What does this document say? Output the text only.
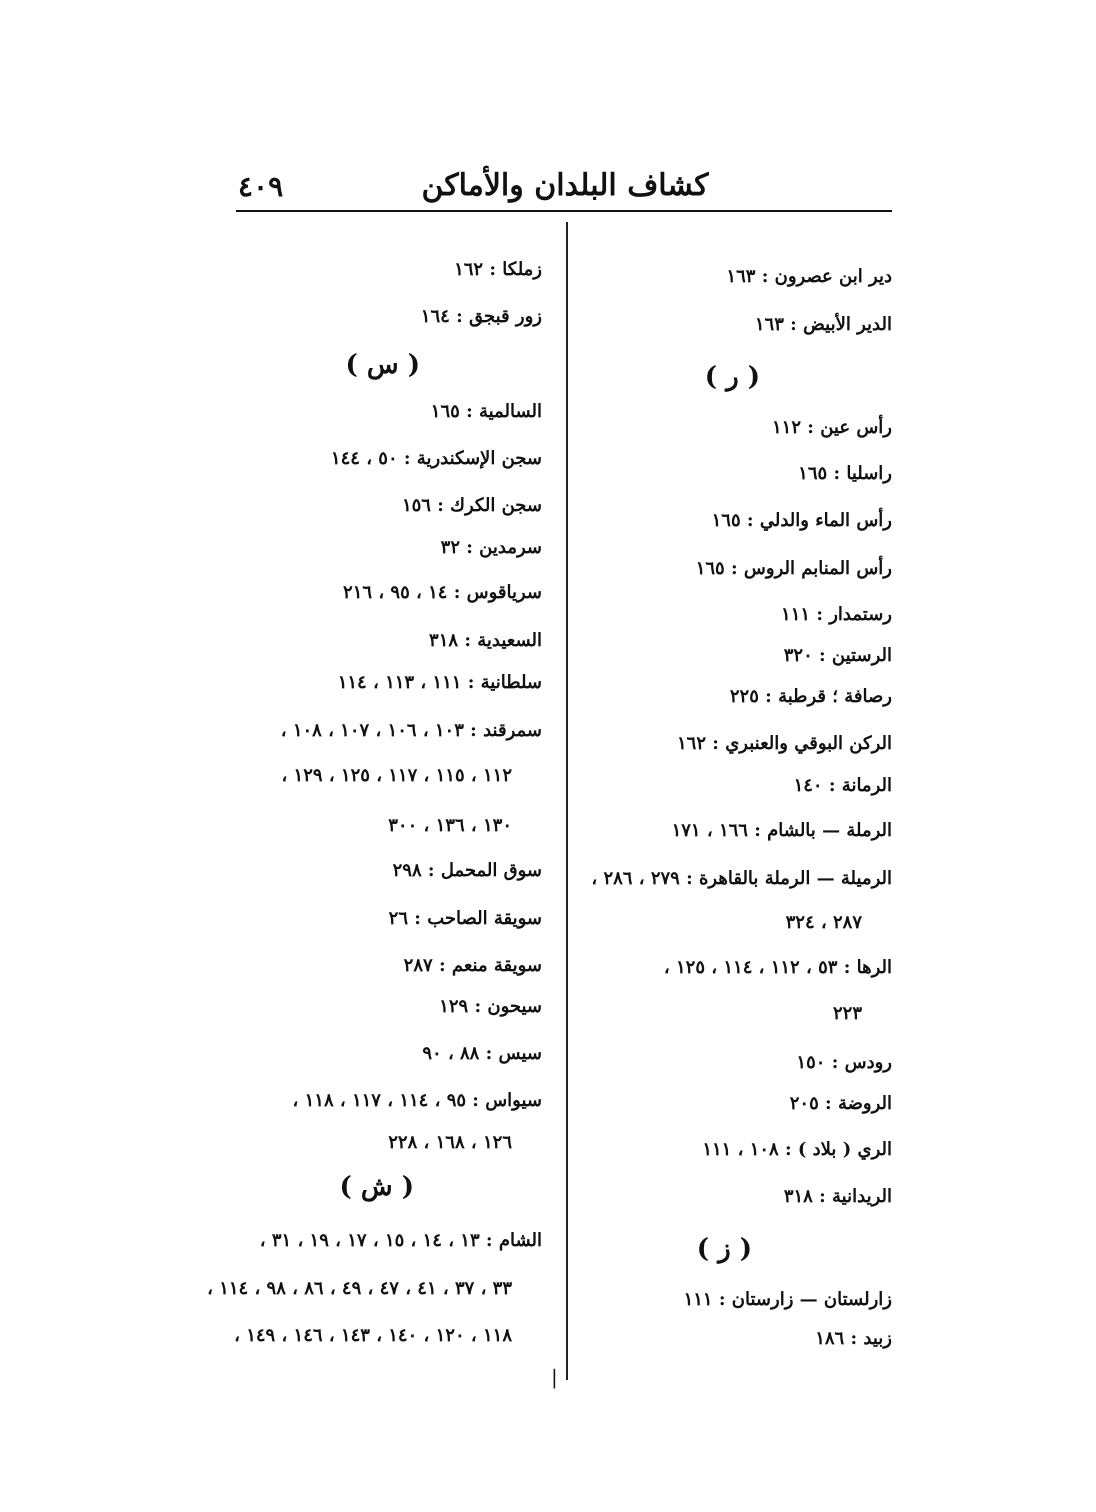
كشاف البلدان والأماكن
٤٠٩
دير ابن عصرون : ١٦٣
الدير الأبيض : ١٦٣
( ر )
رأس عين : ١١٢
راسليا : ١٦٥
رأس الماء والدلي : ١٦٥
رأس المنابم الروس : ١٦٥
رستمدار : ١١١
الرستين : ٣٢٠
رصافة ؛ قرطبة : ٢٢٥
الركن البوقي والعنبري : ١٦٢
الرمانة : ١٤٠
الرملة — بالشام : ١٦٦ ، ١٧١
الرميلة — الرملة بالقاهرة : ٢٧٩ ، ٢٨٦ ،
٢٨٧ ، ٣٢٤
الرها : ٥٣ ، ١١٢ ، ١١٤ ، ١٢٥ ،
٢٢٣
رودس : ١٥٠
الروضة : ٢٠٥
الري ( بلاد ) : ١٠٨ ، ١١١
الريدانية : ٣١٨
( ز )
زارلستان — زارستان : ١١١
زبيد : ١٨٦
زملكا : ١٦٢
زور قبجق : ١٦٤
( س )
السالمية : ١٦٥
سجن الإسكندرية : ٥٠ ، ١٤٤
سجن الكرك : ١٥٦
سرمدين : ٣٢
سرياقوس : ١٤ ، ٩٥ ، ٢١٦
السعيدية : ٣١٨
سلطانية : ١١١ ، ١١٣ ، ١١٤
سمرقند : ١٠٣ ، ١٠٦ ، ١٠٧ ، ١٠٨ ،
١١٢ ، ١١٥ ، ١١٧ ، ١٢٥ ، ١٢٩ ،
١٣٠ ، ١٣٦ ، ٣٠٠
سوق المحمل : ٢٩٨
سويقة الصاحب : ٢٦
سويقة منعم : ٢٨٧
سيحون : ١٢٩
سيس : ٨٨ ، ٩٠
سيواس : ٩٥ ، ١١٤ ، ١١٧ ، ١١٨ ،
١٢٦ ، ١٦٨ ، ٢٢٨
( ش )
الشام : ١٣ ، ١٤ ، ١٥ ، ١٧ ، ١٩ ، ٣١ ،
٣٣ ، ٣٧ ، ٤١ ، ٤٧ ، ٤٩ ، ٨٦ ، ٩٨ ، ١١٤ ،
١١٨ ، ١٢٠ ، ١٤٠ ، ١٤٣ ، ١٤٦ ، ١٤٩ ،
|
